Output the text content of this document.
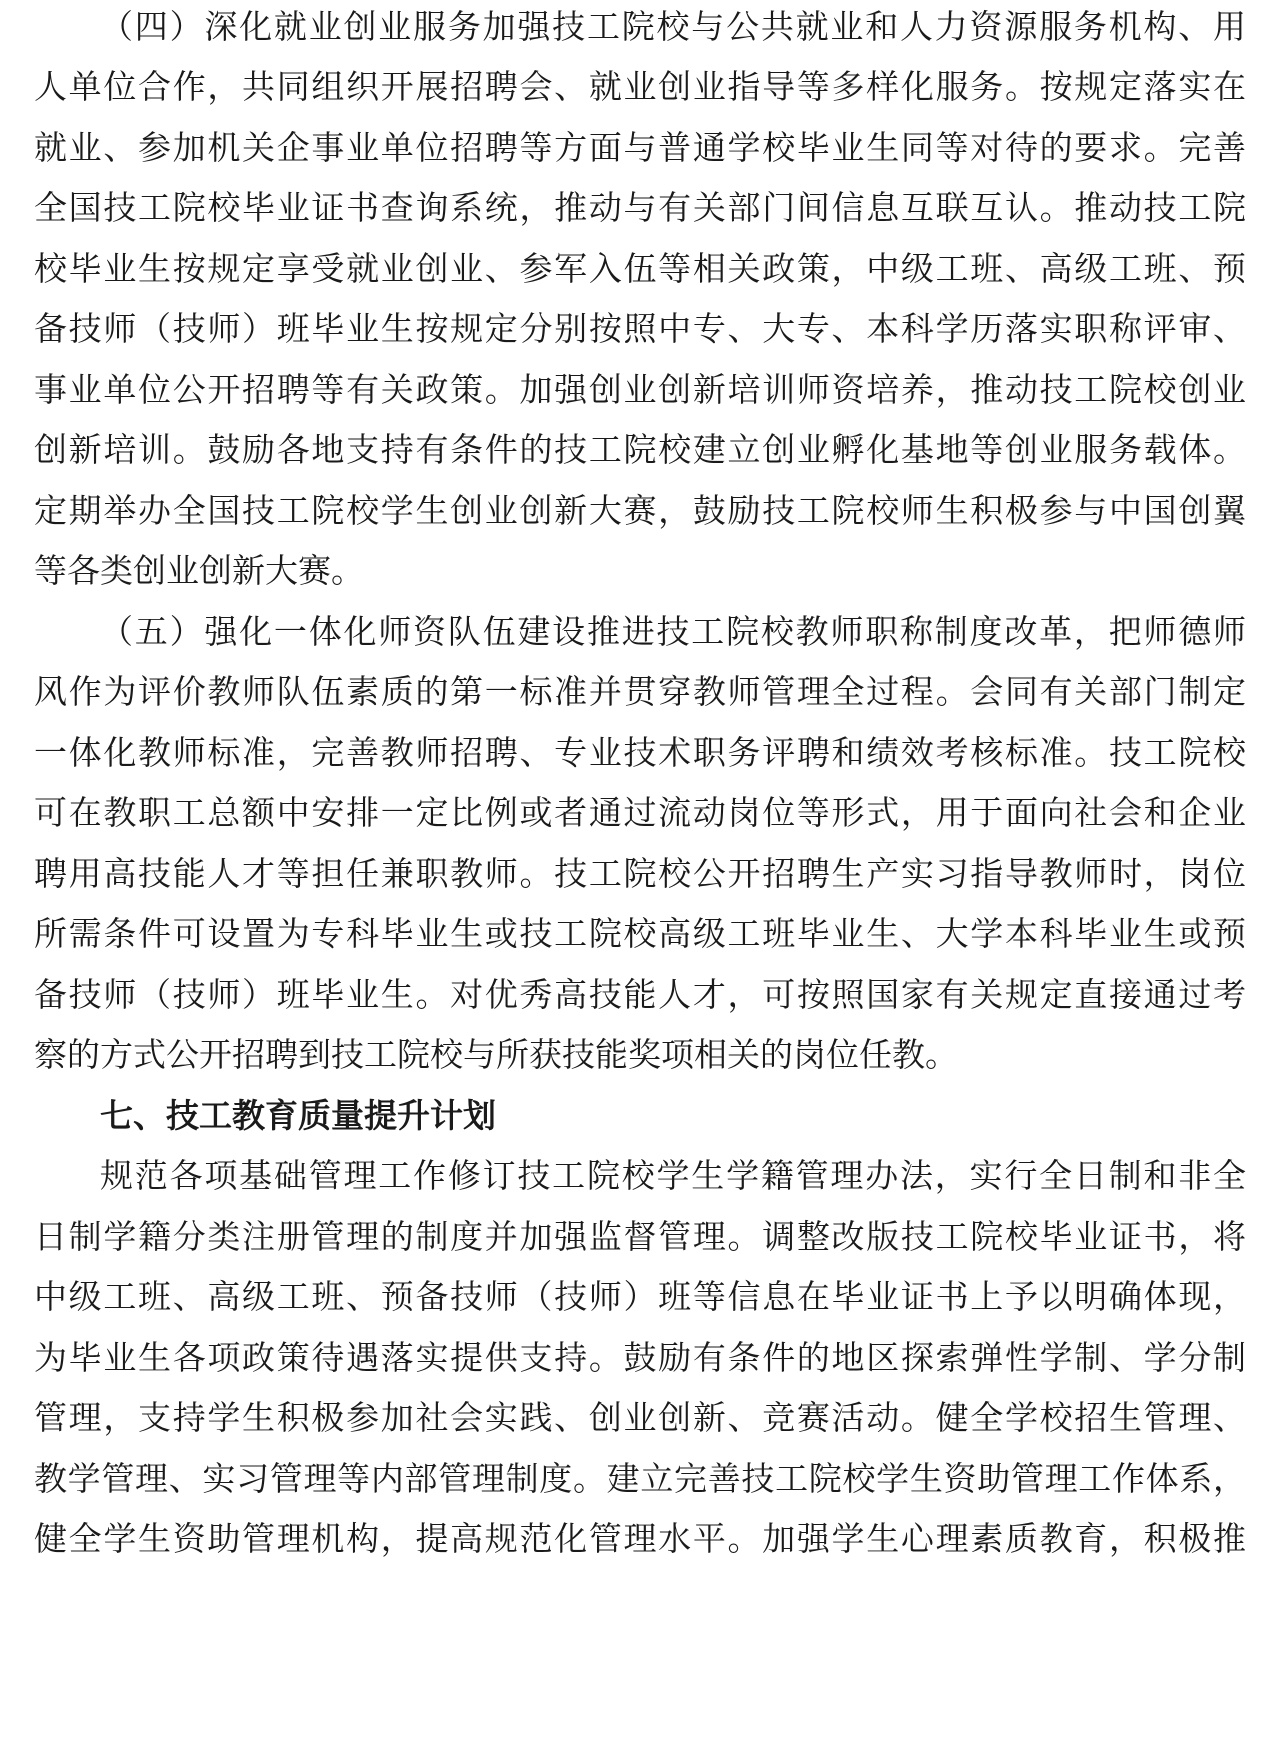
（四）深化就业创业服务加强技工院校与公共就业和人力资源服务机构、用
人单位合作，共同组织开展招聘会、就业创业指导等多样化服务。按规定落实在
就业、参加机关企事业单位招聘等方面与普通学校毕业生同等对待的要求。完善
全国技工院校毕业证书查询系统，推动与有关部门间信息互联互认。推动技工院
校毕业生按规定享受就业创业、参军入伍等相关政策，中级工班、高级工班、预
备技师（技师）班毕业生按规定分别按照中专、大专、本科学历落实职称评审、
事业单位公开招聘等有关政策。加强创业创新培训师资培养，推动技工院校创业
创新培训。鼓励各地支持有条件的技工院校建立创业孵化基地等创业服务载体。
定期举办全国技工院校学生创业创新大赛，鼓励技工院校师生积极参与中国创翼
等各类创业创新大赛。
（五）强化一体化师资队伍建设推进技工院校教师职称制度改革，把师德师
风作为评价教师队伍素质的第一标准并贯穿教师管理全过程。会同有关部门制定
一体化教师标准，完善教师招聘、专业技术职务评聘和绩效考核标准。技工院校
可在教职工总额中安排一定比例或者通过流动岗位等形式，用于面向社会和企业
聘用高技能人才等担任兼职教师。技工院校公开招聘生产实习指导教师时，岗位
所需条件可设置为专科毕业生或技工院校高级工班毕业生、大学本科毕业生或预
备技师（技师）班毕业生。对优秀高技能人才，可按照国家有关规定直接通过考
察的方式公开招聘到技工院校与所获技能奖项相关的岗位任教。
七、技工教育质量提升计划
规范各项基础管理工作修订技工院校学生学籍管理办法，实行全日制和非全
日制学籍分类注册管理的制度并加强监督管理。调整改版技工院校毕业证书，将
中级工班、高级工班、预备技师（技师）班等信息在毕业证书上予以明确体现，
为毕业生各项政策待遇落实提供支持。鼓励有条件的地区探索弹性学制、学分制
管理，支持学生积极参加社会实践、创业创新、竞赛活动。健全学校招生管理、
教学管理、实习管理等内部管理制度。建立完善技工院校学生资助管理工作体系，
健全学生资助管理机构，提高规范化管理水平。加强学生心理素质教育，积极推
